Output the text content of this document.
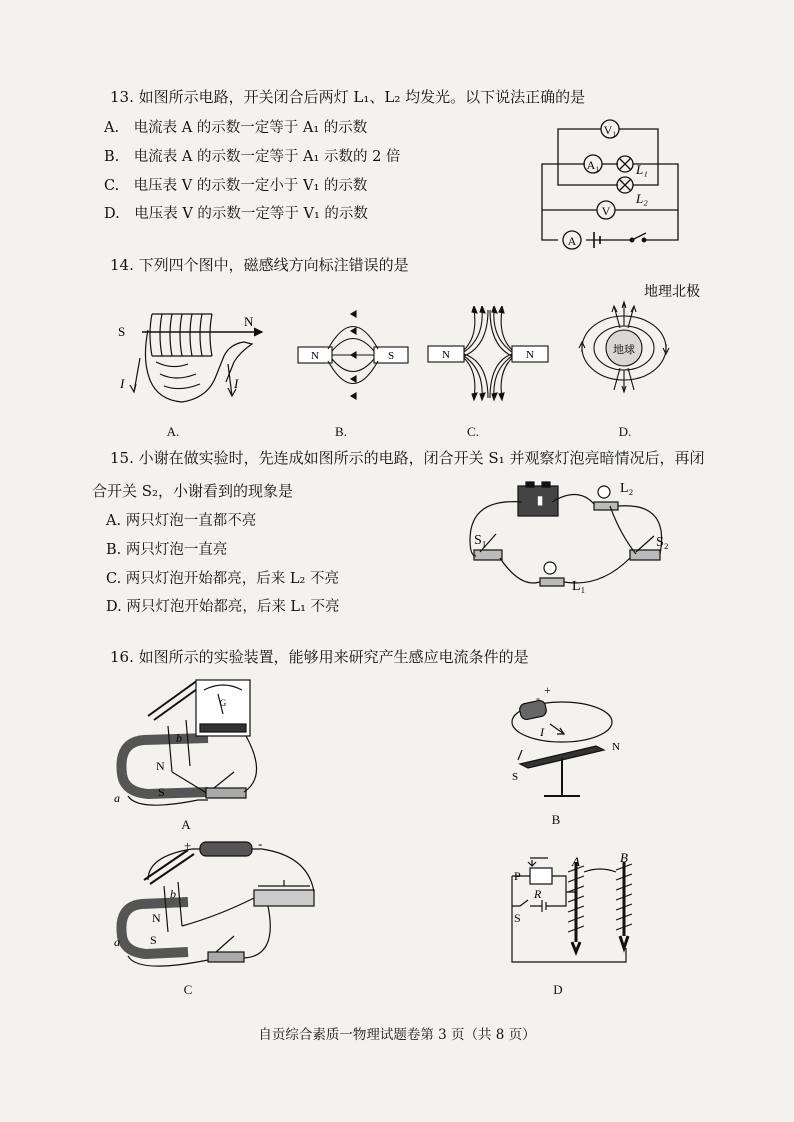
13. 如图所示电路，开关闭合后两灯 L₁、L₂ 均发光。以下说法正确的是
A.　电流表 A 的示数一定等于 A₁ 的示数
B.　电流表 A 的示数一定等于 A₁ 示数的 2 倍
C.　电压表 V 的示数一定小于 V₁ 的示数
D.　电压表 V 的示数一定等于 V₁ 的示数
V₁
A₁	L₁
L₂
V
A
14. 下列四个图中，磁感线方向标注错误的是
S
N
I	I
A.
N	S
B.
N	N
C.
地球
地理北极
D.
15. 小谢在做实验时，先连成如图所示的电路，闭合开关 S₁ 并观察灯泡亮暗情况后，再闭
合开关 S₂，小谢看到的现象是
A. 两只灯泡一直都不亮
B. 两只灯泡一直亮
C. 两只灯泡开始都亮，后来 L₂ 不亮
D. 两只灯泡开始都亮，后来 L₁ 不亮
▮
L₂
L₁
S₁	S₂
16. 如图所示的实验装置，能够用来研究产生感应电流条件的是
N
S
b
a
G
A
-
+
I
N
S
B
+	-
N
S
b
a
C
P
R
S
A	B
D
自贡综合素质一物理试题卷第 3 页（共 8 页）
